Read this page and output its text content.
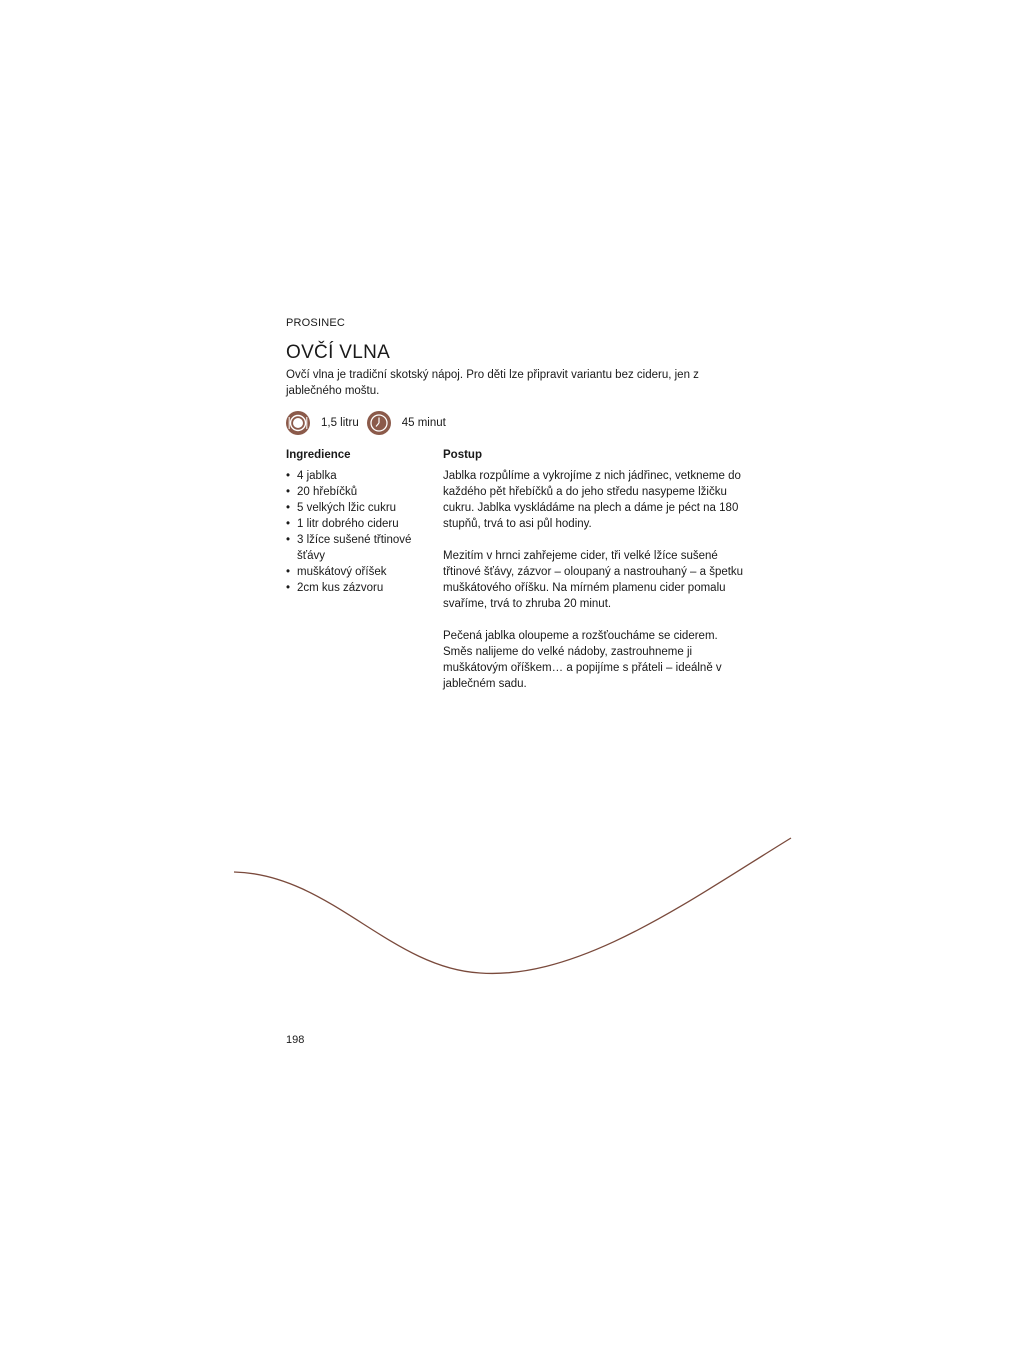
PROSINEC
OVČÍ VLNA

Ovčí vlna je tradiční skotský nápoj. Pro děti lze připravit variantu bez cideru, jen z jablečného moštu.

1,5 litru	45 minut
Ingredience
• 4 jablka
• 20 hřebíčků
• 5 velkých lžic cukru
• 1 litr dobrého cideru
• 3 lžíce sušené třtinové šťávy
• muškátový oříšek
• 2cm kus zázvoru
Postup

Jablka rozpůlíme a vykrojíme z nich jádřinec, vetkneme do každého pět hřebíčků a do jeho středu nasypeme lžičku cukru. Jablka vyskládáme na plech a dáme je péct na 180 stupňů, trvá to asi půl hodiny.

Mezitím v hrnci zahřejeme cider, tři velké lžíce sušené třtinové šťávy, zázvor – oloupaný a nastrouhaný – a špetku muškátového oříšku. Na mírném plamenu cider pomalu svaříme, trvá to zhruba 20 minut.

Pečená jablka oloupeme a rozšťoucháme se ciderem. Směs nalijeme do velké nádoby, zastrouhneme ji muškátovým oříškem… a popijíme s přáteli – ideálně v jablečném sadu.

198
